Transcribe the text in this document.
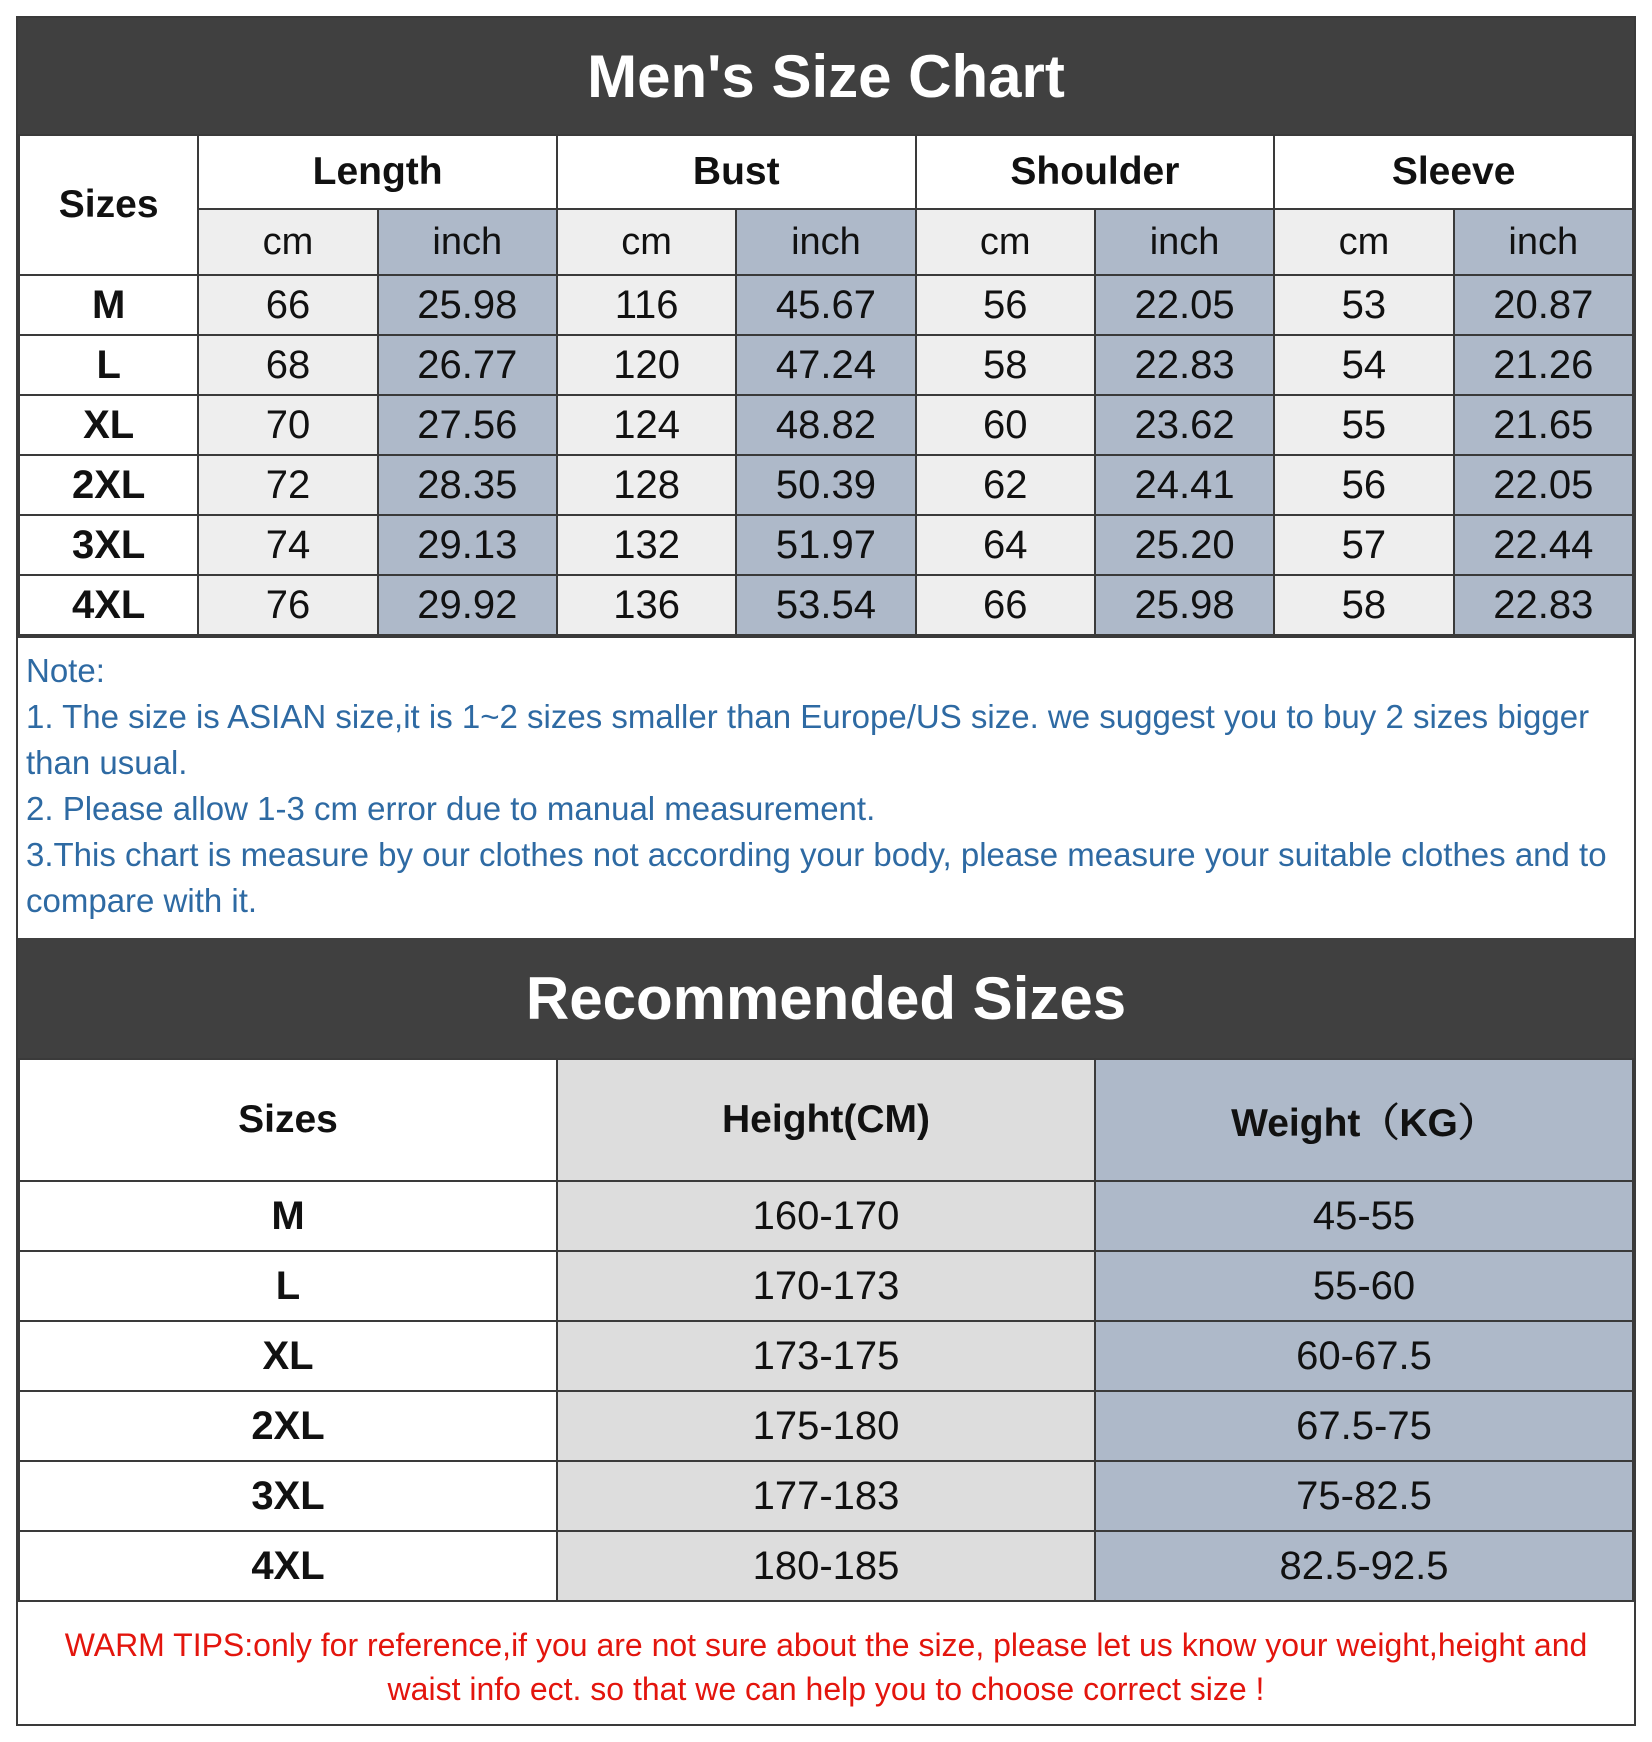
Men's Size Chart
Sizes	Length		Bust		Shoulder		Sleeve	
	cm	inch	cm	inch	cm	inch	cm	inch
M	66	25.98	116	45.67	56	22.05	53	20.87
L	68	26.77	120	47.24	58	22.83	54	21.26
XL	70	27.56	124	48.82	60	23.62	55	21.65
2XL	72	28.35	128	50.39	62	24.41	56	22.05
3XL	74	29.13	132	51.97	64	25.20	57	22.44
4XL	76	29.92	136	53.54	66	25.98	58	22.83
Note:
1. The size is ASIAN size,it is 1~2 sizes smaller than Europe/US size. we suggest you to buy 2 sizes bigger than usual.
2. Please allow 1-3 cm error due to manual measurement.
3.This chart is measure by our clothes not according your body, please measure your suitable clothes and to compare with it.
Recommended Sizes
Sizes	Height(CM)	Weight（KG）
M	160-170	45-55
L	170-173	55-60
XL	173-175	60-67.5
2XL	175-180	67.5-75
3XL	177-183	75-82.5
4XL	180-185	82.5-92.5
WARM TIPS:only for reference,if you are not sure about the size, please let us know your weight,height and
waist info ect. so that we can help you to choose correct size !
